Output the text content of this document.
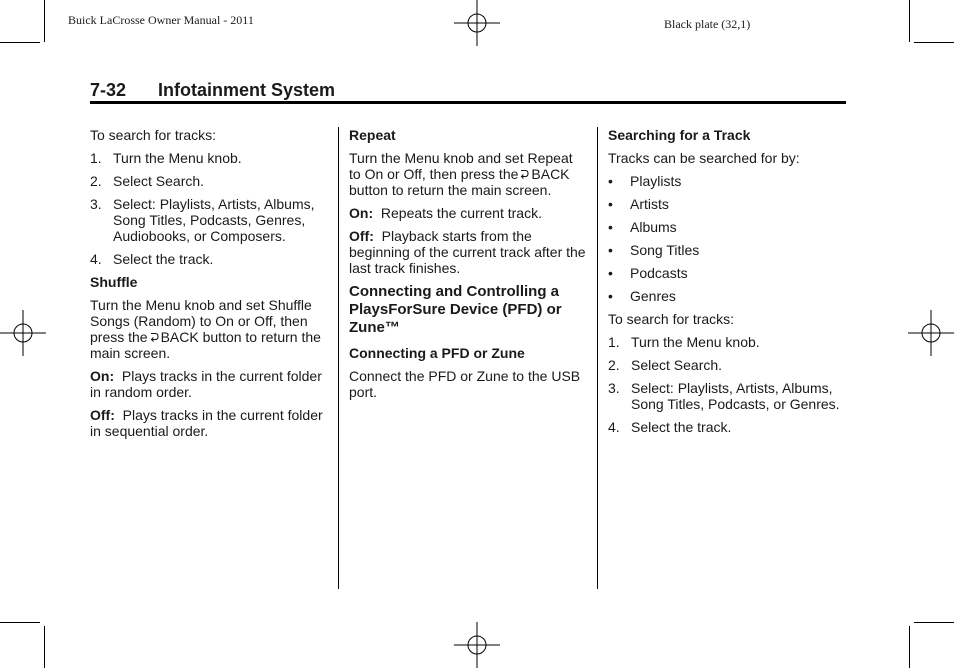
Buick LaCrosse Owner Manual - 2011	Black plate (32,1)
7-32 Infotainment System

To search for tracks:

1. Turn the Menu knob.
2. Select Search.
3. Select: Playlists, Artists, Albums, Song Titles, Podcasts, Genres, Audiobooks, or Composers.
4. Select the track.

Shuffle

Turn the Menu knob and set Shuffle Songs (Random) to On or Off, then press the BACK button to return the main screen.

On: Plays tracks in the current folder in random order.

Off: Plays tracks in the current folder in sequential order.

Repeat

Turn the Menu knob and set Repeat to On or Off, then press the BACK button to return the main screen.

On: Repeats the current track.

Off: Playback starts from the beginning of the current track after the last track finishes.

Connecting and Controlling a PlaysForSure Device (PFD) or Zune™

Connecting a PFD or Zune

Connect the PFD or Zune to the USB port.

Searching for a Track

Tracks can be searched for by:

•	Playlists
•	Artists
•	Albums
•	Song Titles
•	Podcasts
•	Genres

To search for tracks:

1. Turn the Menu knob.
2. Select Search.
3. Select: Playlists, Artists, Albums, Song Titles, Podcasts, or Genres.
4. Select the track.
